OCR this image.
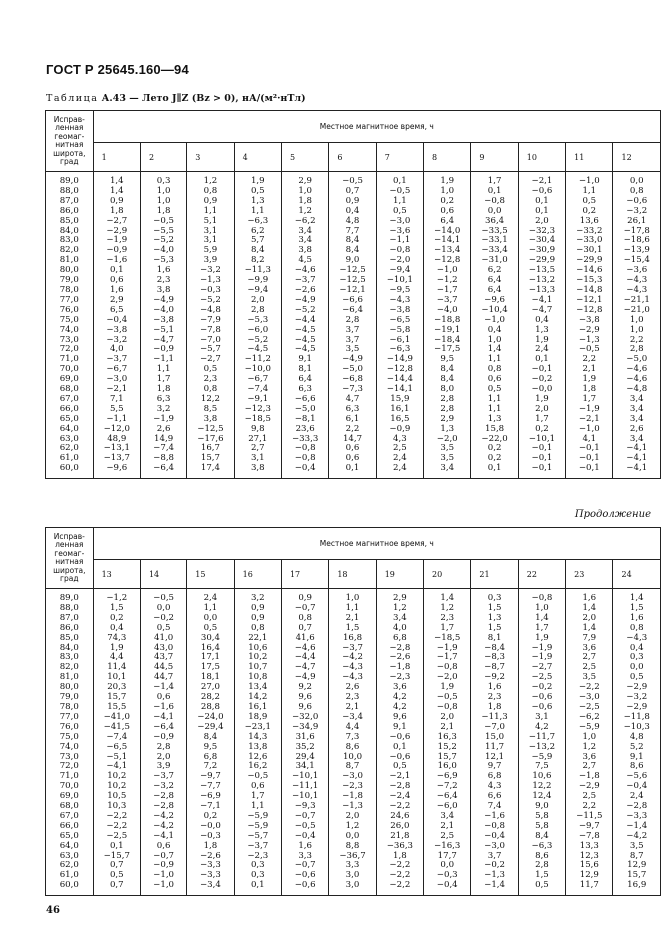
ГОСТ Р 25645.160—94
Таблица А.43 — Лето J∥Z (Bz > 0), нА/(м²·нТл)
Исправ-ленная геомаг-нитная широта, град	Местное магнитное время, ч											
	1	2	3	4	5	6	7	8	9	10	11	12
89,0	1,4	0,3	1,2	1,9	2,9	−0,5	0,1	1,9	1,7	−2,1	−1,0	0,0
88,0	1,4	1,0	0,8	0,5	1,0	0,7	−0,5	1,0	0,1	−0,6	1,1	0,8
87,0	0,9	1,0	0,9	1,3	1,8	0,9	1,1	0,2	−0,8	0,1	0,5	−0,6
86,0	1,8	1,8	1,1	1,1	1,2	0,4	0,5	0,6	0,0	0,1	0,2	−3,2
85,0	−2,7	−0,5	5,1	−6,3	−6,2	4,8	−3,0	6,4	36,4	2,0	13,6	26,1
84,0	−2,9	−5,5	3,1	6,2	3,4	7,7	−3,6	−14,0	−33,5	−32,3	−33,2	−17,8
83,0	−1,9	−5,2	3,1	5,7	3,4	8,4	−1,1	−14,1	−33,1	−30,4	−33,0	−18,6
82,0	−0,9	−4,0	5,9	8,4	3,8	8,4	−0,8	−13,4	−33,4	−30,9	−30,1	−13,9
81,0	−1,6	−5,3	3,9	8,2	4,5	9,0	−2,0	−12,8	−31,0	−29,9	−29,9	−15,4
80,0	0,1	1,6	−3,2	−11,3	−4,6	−12,5	−9,4	−1,0	6,2	−13,5	−14,6	−3,6
79,0	0,6	2,3	−1,3	−9,9	−3,7	−12,5	−10,1	−1,2	6,4	−13,2	−15,3	−4,3
78,0	1,6	3,8	−0,3	−9,4	−2,6	−12,1	−9,5	−1,7	6,4	−13,3	−14,8	−4,3
77,0	2,9	−4,9	−5,2	2,0	−4,9	−6,6	−4,3	−3,7	−9,6	−4,1	−12,1	−21,1
76,0	6,5	−4,0	−4,8	2,8	−5,2	−6,4	−3,8	−4,0	−10,4	−4,7	−12,8	−21,0
75,0	−0,4	−3,8	−7,9	−5,3	−4,4	2,8	−6,5	−18,8	−1,0	0,4	−3,8	1,0
74,0	−3,8	−5,1	−7,8	−6,0	−4,5	3,7	−5,8	−19,1	0,4	1,3	−2,9	1,0
73,0	−3,2	−4,7	−7,0	−5,2	−4,5	3,7	−6,1	−18,4	1,0	1,9	−1,3	2,2
72,0	4,0	−0,9	−5,7	−4,5	−4,5	3,5	−6,3	−17,5	1,4	2,4	−0,5	2,8
71,0	−3,7	−1,1	−2,7	−11,2	9,1	−4,9	−14,9	9,5	1,1	0,1	2,2	−5,0
70,0	−6,7	1,1	0,5	−10,0	8,1	−5,0	−12,8	8,4	0,8	−0,1	2,1	−4,6
69,0	−3,0	1,7	2,3	−6,7	6,4	−6,8	−14,4	8,4	0,6	−0,2	1,9	−4,6
68,0	−2,1	1,8	0,8	−7,4	6,3	−7,3	−14,1	8,0	0,5	−0,0	1,8	−4,8
67,0	7,1	6,3	12,2	−9,1	−6,6	4,7	15,9	2,8	1,1	1,9	1,7	3,4
66,0	5,5	3,2	8,5	−12,3	−5,0	6,3	16,1	2,8	1,1	2,0	−1,9	3,4
65,0	−1,1	−1,9	3,8	−18,5	−8,1	6,1	16,5	2,9	1,3	1,7	−2,1	3,4
64,0	−12,0	2,6	−12,5	9,8	23,6	2,2	−0,9	1,3	15,8	0,2	−1,0	2,6
63,0	48,9	14,9	−17,6	27,1	−33,3	14,7	4,3	−2,0	−22,0	−10,1	4,1	3,4
62,0	−13,1	−7,4	16,7	2,7	−0,8	0,6	2,5	3,5	0,2	−0,1	−0,1	−4,1
61,0	−13,7	−8,8	15,7	3,1	−0,8	0,6	2,4	3,5	0,2	−0,1	−0,1	−4,1
60,0	−9,6	−6,4	17,4	3,8	−0,4	0,1	2,4	3,4	0,1	−0,1	−0,1	−4,1
Продолжение
Исправ-ленная геомаг-нитная широта, град	Местное магнитное время, ч											
	13	14	15	16	17	18	19	20	21	22	23	24
89,0	−1,2	−0,5	2,4	3,2	0,9	1,0	2,9	1,4	0,3	−0,8	1,6	1,4
88,0	1,5	0,0	1,1	0,9	−0,7	1,1	1,2	1,2	1,5	1,0	1,4	1,5
87,0	0,2	−0,2	0,0	0,9	0,8	2,1	3,4	2,3	1,3	1,4	2,0	1,6
86,0	0,4	0,5	0,5	0,8	0,7	1,5	4,0	1,7	1,5	1,7	1,4	0,8
85,0	74,3	41,0	30,4	22,1	41,6	16,8	6,8	−18,5	8,1	1,9	7,9	−4,3
84,0	1,9	43,0	16,4	10,6	−4,6	−3,7	−2,8	−1,9	−8,4	−1,9	3,6	0,4
83,0	4,4	43,7	17,1	10,2	−4,4	−4,2	−2,6	−1,7	−8,3	−1,9	2,7	0,3
82,0	11,4	44,5	17,5	10,7	−4,7	−4,3	−1,8	−0,8	−8,7	−2,7	2,5	0,0
81,0	10,1	44,7	18,1	10,8	−4,9	−4,3	−2,3	−2,0	−9,2	−2,5	3,5	0,5
80,0	20,3	−1,4	27,0	13,4	9,2	2,6	3,6	1,9	1,6	−0,2	−2,2	−2,9
79,0	15,7	0,6	28,2	14,2	9,6	2,3	4,2	−0,5	2,3	−0,6	−3,0	−3,2
78,0	15,5	−1,6	28,8	16,1	9,6	2,1	4,2	−0,8	1,8	−0,6	−2,5	−2,9
77,0	−41,0	−4,1	−24,0	18,9	−32,0	−3,4	9,6	2,0	−11,3	3,1	−6,2	−11,8
76,0	−41,5	−6,4	−29,4	−23,1	−34,9	4,4	9,1	2,1	−7,0	4,2	−5,9	−10,3
75,0	−7,4	−0,9	8,4	14,3	31,6	7,3	−0,6	16,3	15,0	−11,7	1,0	4,8
74,0	−6,5	2,8	9,5	13,8	35,2	8,6	0,1	15,2	11,7	−13,2	1,2	5,2
73,0	−5,1	2,0	6,8	12,6	29,4	10,0	−0,6	15,7	12,1	−5,9	3,6	9,1
72,0	−4,1	3,9	7,2	16,2	34,1	8,7	0,5	16,0	9,7	7,5	2,7	8,6
71,0	10,2	−3,7	−9,7	−0,5	−10,1	−3,0	−2,1	−6,9	6,8	10,6	−1,8	−5,6
70,0	10,2	−3,2	−7,7	0,6	−11,1	−2,3	−2,8	−7,2	4,3	12,2	−2,9	−0,4
69,0	10,5	−2,8	−6,9	1,7	−10,1	−1,8	−2,4	−6,4	6,6	12,4	2,5	2,4
68,0	10,3	−2,8	−7,1	1,1	−9,3	−1,3	−2,2	−6,0	7,4	9,0	2,2	−2,8
67,0	−2,2	−4,2	0,2	−5,9	−0,7	2,0	24,6	3,4	−1,6	5,8	−11,5	−3,3
66,0	−2,2	−4,2	−0,0	−5,9	−0,5	1,2	26,0	2,1	−0,8	5,8	−9,7	−1,4
65,0	−2,5	−4,1	−0,3	−5,7	−0,4	0,0	21,8	2,5	−0,4	8,4	−7,8	−4,2
64,0	0,1	0,6	1,8	−3,7	1,6	8,8	−36,3	−16,3	−3,0	−6,3	13,3	3,5
63,0	−15,7	−0,7	−2,6	−2,3	3,3	−36,7	1,8	17,7	3,7	8,6	12,3	8,7
62,0	0,7	−0,9	−3,3	0,3	−0,7	3,3	−2,2	0,0	−0,2	2,8	15,6	12,9
61,0	0,5	−1,0	−3,3	0,3	−0,6	3,0	−2,2	−0,3	−1,3	1,5	12,9	15,7
60,0	0,7	−1,0	−3,4	0,1	−0,6	3,0	−2,2	−0,4	−1,4	0,5	11,7	16,9
46
